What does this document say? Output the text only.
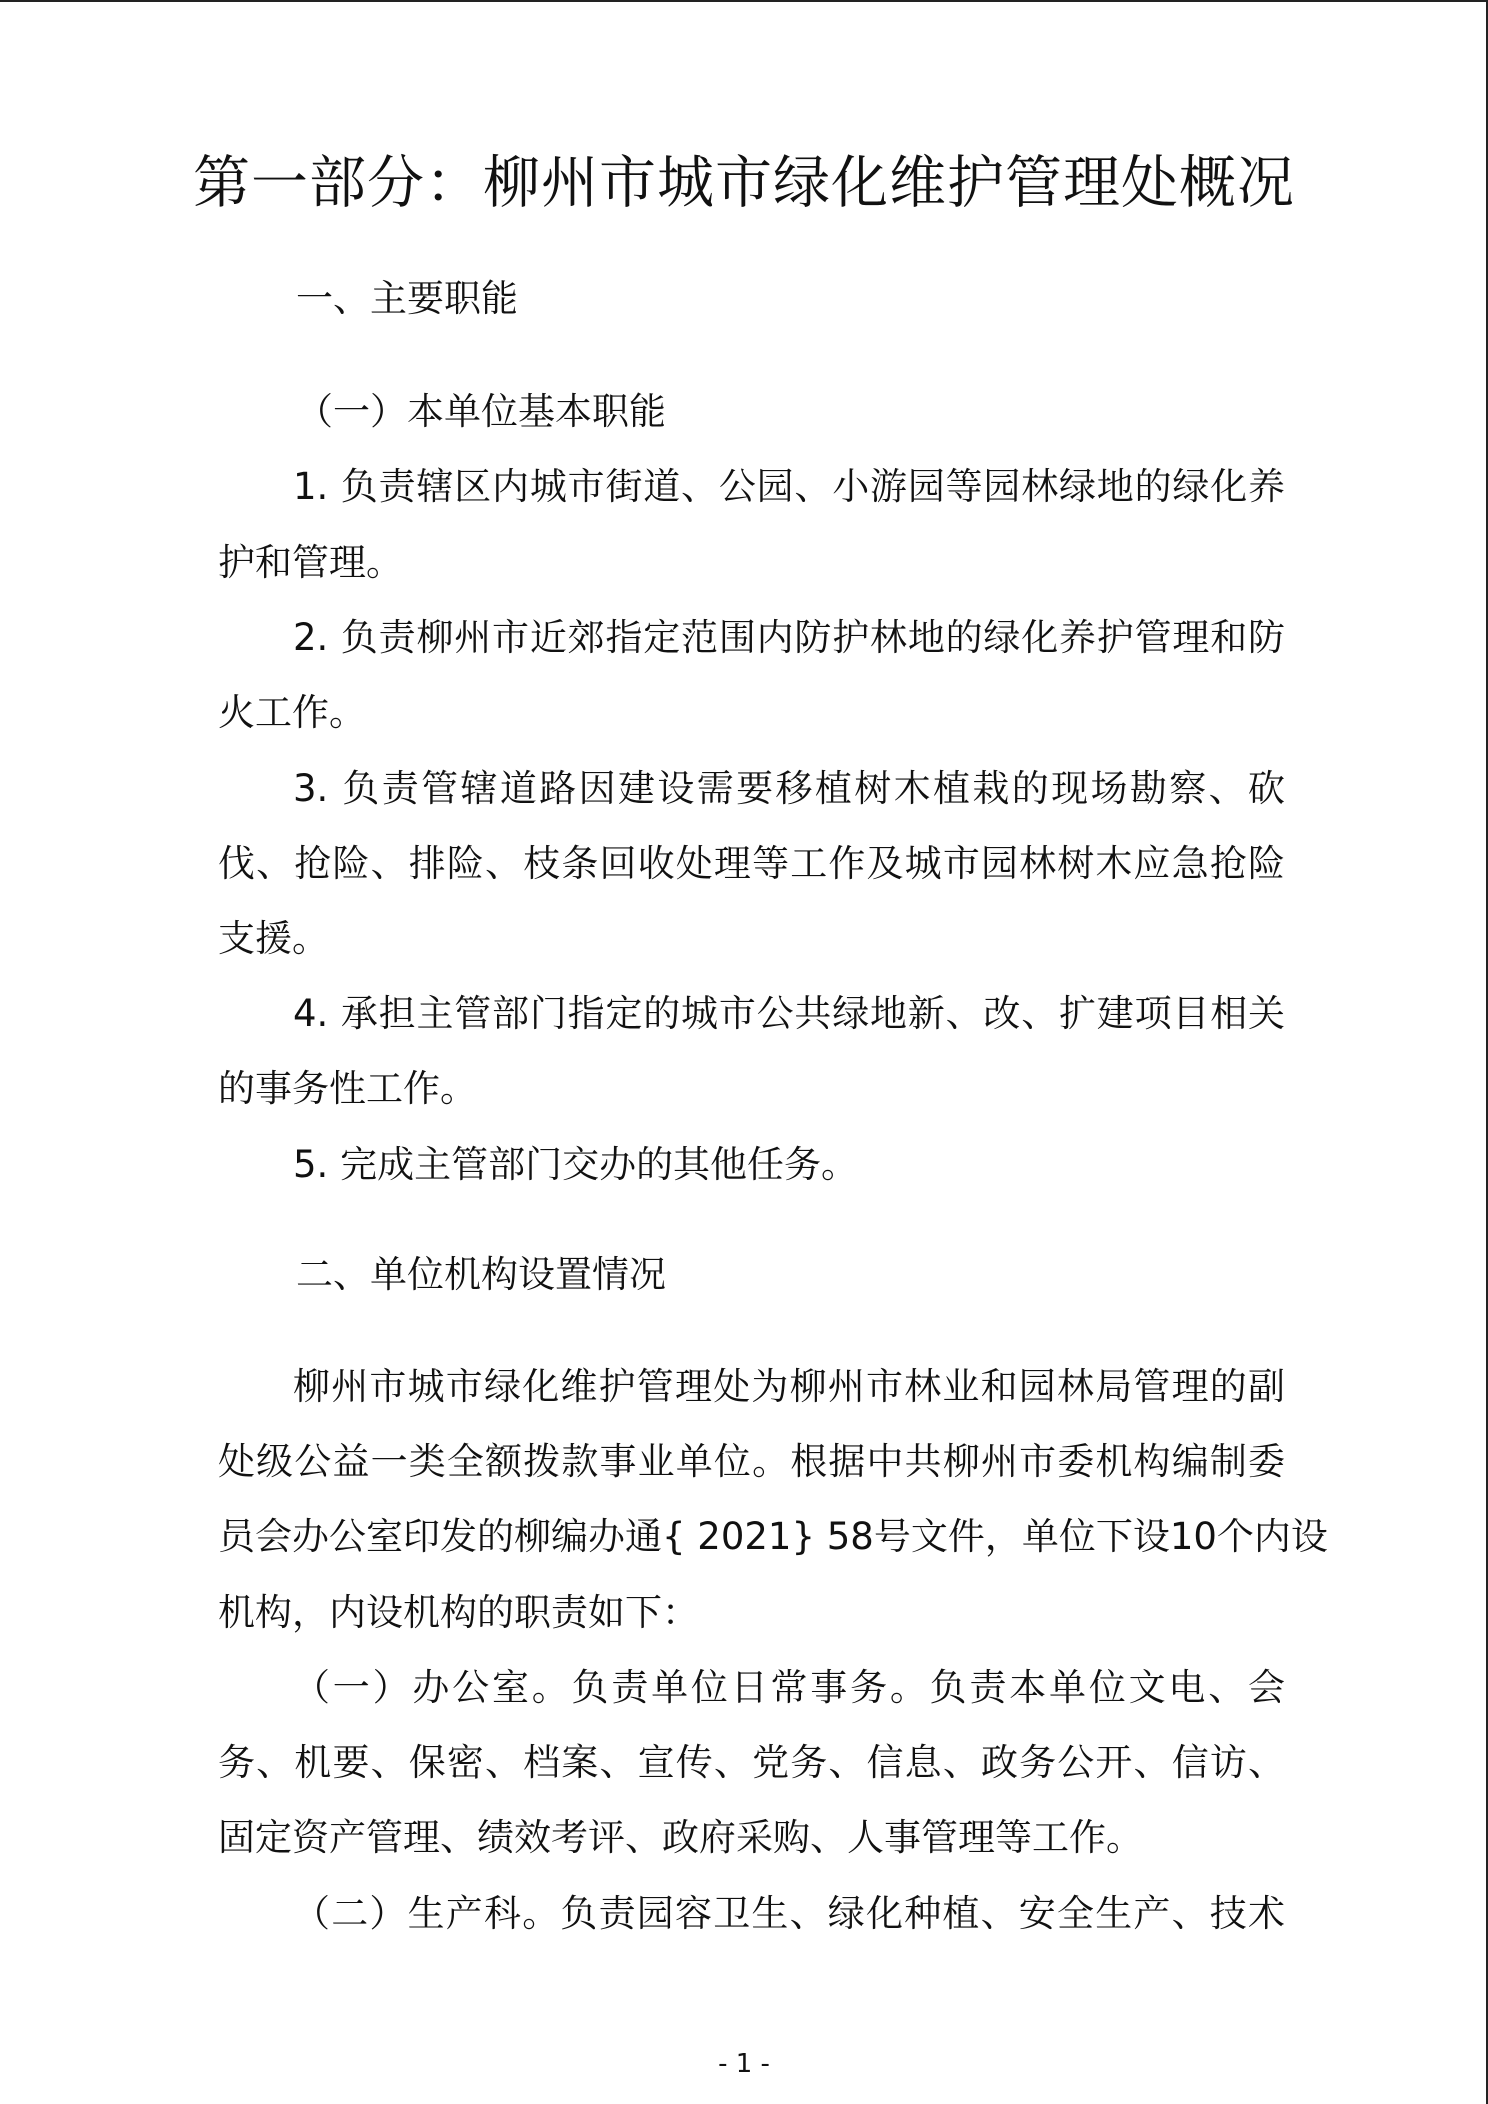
第一部分：柳州市城市绿化维护管理处概况
一、主要职能
（一）本单位基本职能
1. 负责辖区内城市街道、公园、小游园等园林绿地的绿化养
护和管理。
2. 负责柳州市近郊指定范围内防护林地的绿化养护管理和防
火工作。
3. 负责管辖道路因建设需要移植树木植栽的现场勘察、砍
伐、抢险、排险、枝条回收处理等工作及城市园林树木应急抢险
支援。
4. 承担主管部门指定的城市公共绿地新、改、扩建项目相关
的事务性工作。
5. 完成主管部门交办的其他任务。
二、单位机构设置情况
柳州市城市绿化维护管理处为柳州市林业和园林局管理的副
处级公益一类全额拨款事业单位。根据中共柳州市委机构编制委
员会办公室印发的柳编办通{ 2021} 58号文件，单位下设10个内设
机构，内设机构的职责如下：
（一）办公室。负责单位日常事务。负责本单位文电、会
务、机要、保密、档案、宣传、党务、信息、政务公开、信访、
固定资产管理、绩效考评、政府采购、人事管理等工作。
（二）生产科。负责园容卫生、绿化种植、安全生产、技术
- 1 -
